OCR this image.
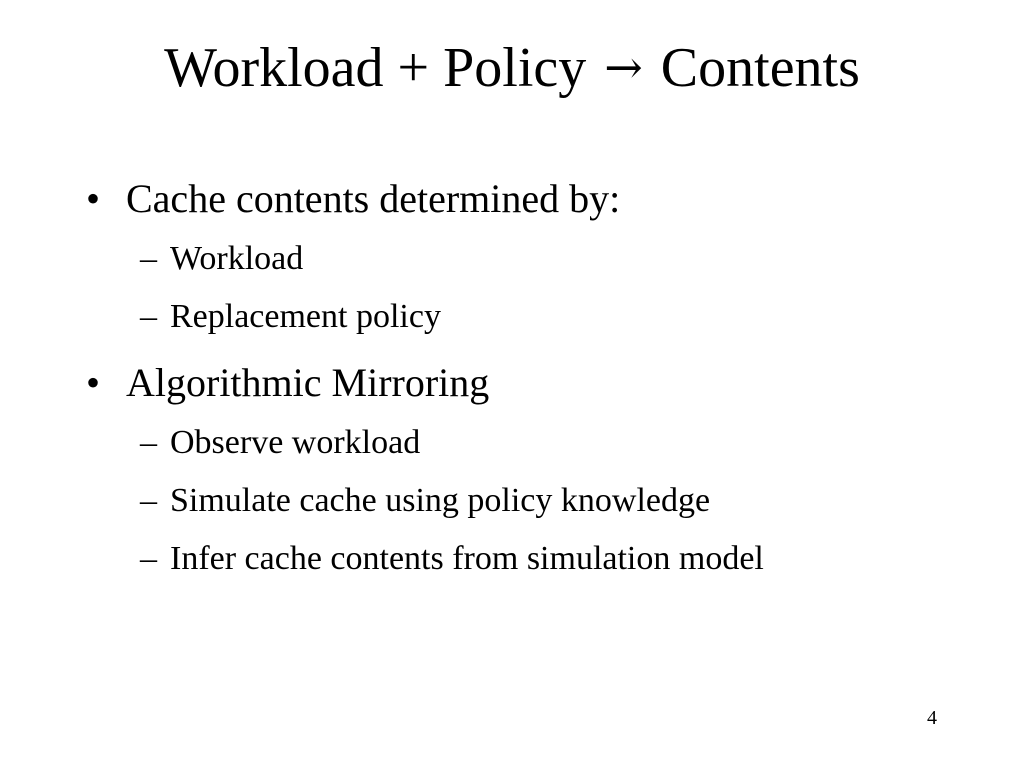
Workload + Policy → Contents
• Cache contents determined by:
– Workload
– Replacement policy
• Algorithmic Mirroring
– Observe workload
– Simulate cache using policy knowledge
– Infer cache contents from simulation model
4
